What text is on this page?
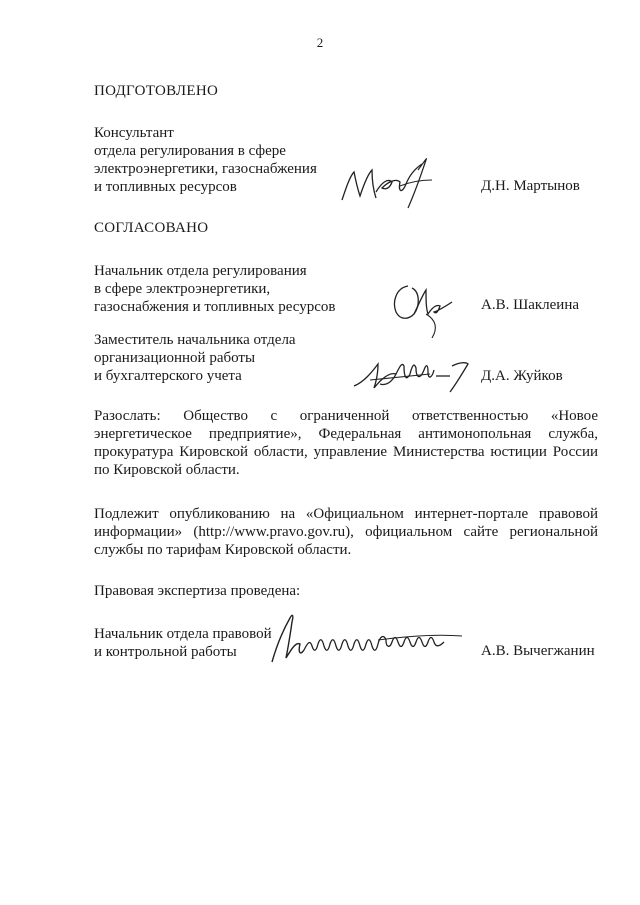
2
ПОДГОТОВЛЕНО
Консультант
отдела регулирования в сфере
электроэнергетики, газоснабжения
и топливных ресурсов	Д.Н. Мартынов
СОГЛАСОВАНО
Начальник отдела регулирования
в сфере электроэнергетики,
газоснабжения и топливных ресурсов	А.В. Шаклеина
Заместитель начальника отдела
организационной работы
и бухгалтерского учета	Д.А. Жуйков
Разослать: Общество с ограниченной ответственностью «Новое
энергетическое предприятие», Федеральная антимонопольная служба,
прокуратура Кировской области, управление Министерства юстиции России
по Кировской области.
Подлежит опубликованию на «Официальном интернет-портале правовой
информации» (http://www.pravo.gov.ru), официальном сайте региональной
службы по тарифам Кировской области.
Правовая экспертиза проведена:
Начальник отдела правовой
и контрольной работы	А.В. Вычегжанин
